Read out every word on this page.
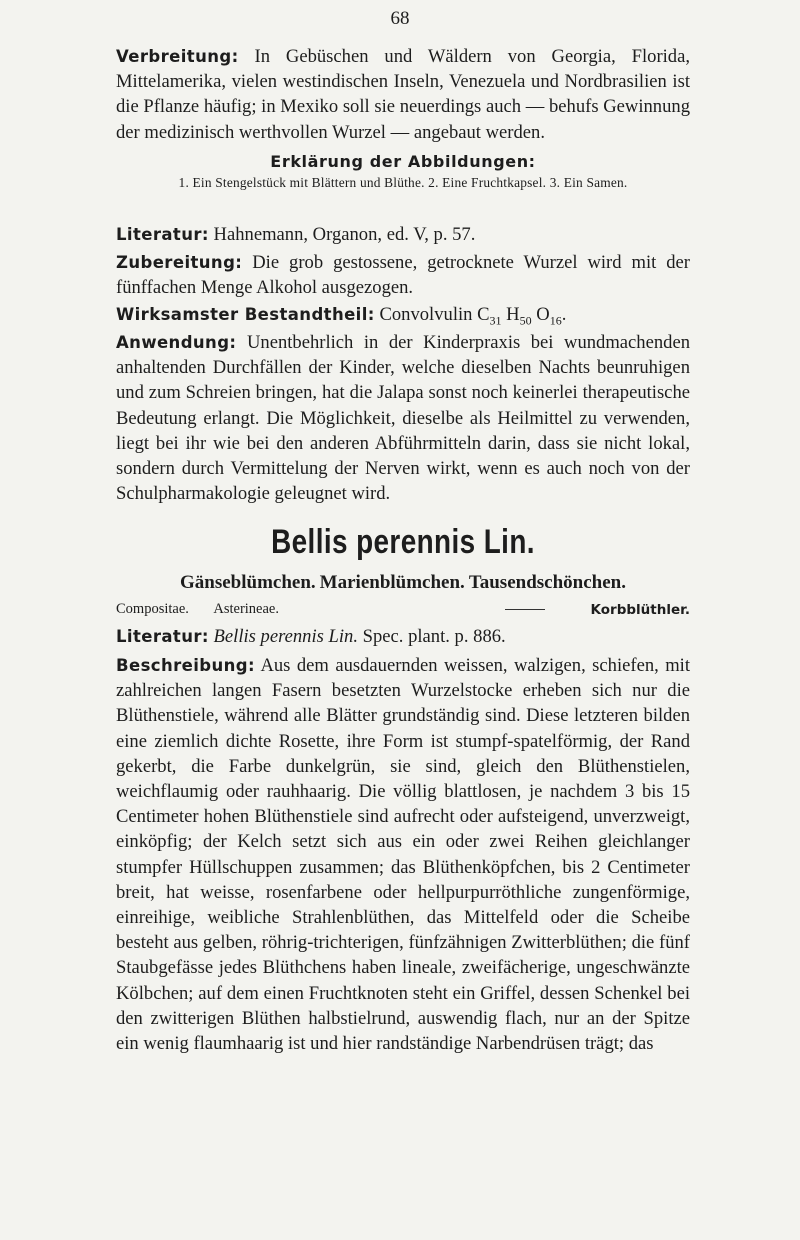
68

Verbreitung: In Gebüschen und Wäldern von Georgia, Florida, Mittelamerika, vielen westindischen Inseln, Venezuela und Nordbrasilien ist die Pflanze häufig; in Mexiko soll sie neuerdings auch — behufs Gewinnung der medizinisch werthvollen Wurzel — angebaut werden.

Erklärung der Abbildungen:
1. Ein Stengelstück mit Blättern und Blüthe. 2. Eine Fruchtkapsel. 3. Ein Samen.

Literatur: Hahnemann, Organon, ed. V, p. 57.

Zubereitung: Die grob gestossene, getrocknete Wurzel wird mit der fünffachen Menge Alkohol ausgezogen.

Wirksamster Bestandtheil: Convolvulin $C_{31}$ $H_{50}$ $O_{16}$.

Anwendung: Unentbehrlich in der Kinderpraxis bei wundmachenden anhaltenden Durchfällen der Kinder, welche dieselben Nachts beunruhigen und zum Schreien bringen, hat die Jalapa sonst noch keinerlei therapeutische Bedeutung erlangt. Die Möglichkeit, dieselbe als Heilmittel zu verwenden, liegt bei ihr wie bei den anderen Abführmitteln darin, dass sie nicht lokal, sondern durch Vermittelung der Nerven wirkt, wenn es auch noch von der Schulpharmakologie geleugnet wird.

Bellis perennis Lin.
Gänseblümchen. Marienblümchen. Tausendschönchen.
Compositae. Asterineae.	Korbblüthler.

Literatur: Bellis perennis Lin. Spec. plant. p. 886.

Beschreibung: Aus dem ausdauernden weissen, walzigen, schiefen, mit zahlreichen langen Fasern besetzten Wurzelstocke erheben sich nur die Blüthenstiele, während alle Blätter grundständig sind. Diese letzteren bilden eine ziemlich dichte Rosette, ihre Form ist stumpf-spatelförmig, der Rand gekerbt, die Farbe dunkelgrün, sie sind, gleich den Blüthenstielen, weichflaumig oder rauhhaarig. Die völlig blattlosen, je nachdem 3 bis 15 Centimeter hohen Blüthenstiele sind aufrecht oder aufsteigend, unverzweigt, einköpfig; der Kelch setzt sich aus ein oder zwei Reihen gleichlanger stumpfer Hüllschuppen zusammen; das Blüthenköpfchen, bis 2 Centimeter breit, hat weisse, rosenfarbene oder hellpurpurröthliche zungenförmige, einreihige, weibliche Strahlenblüthen, das Mittelfeld oder die Scheibe besteht aus gelben, röhrig-trichterigen, fünfzähnigen Zwitterblüthen; die fünf Staubgefässe jedes Blüthchens haben lineale, zweifächerige, ungeschwänzte Kölbchen; auf dem einen Fruchtknoten steht ein Griffel, dessen Schenkel bei den zwitterigen Blüthen halbstielrund, auswendig flach, nur an der Spitze ein wenig flaumhaarig ist und hier randständige Narbendrüsen trägt; das
